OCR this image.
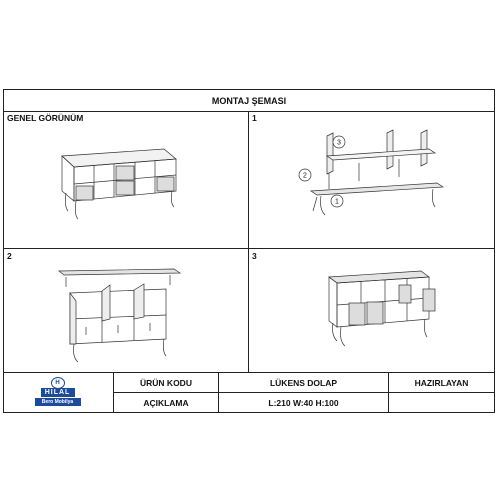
MONTAJ ŞEMASI
GENEL GÖRÜNÜM	1
3
2
1
2	3
H
HILAL
Bero Mobilya
ÜRÜN KODU	LÜKENS DOLAP	HAZIRLAYAN
AÇIKLAMA	L:210 W:40 H:100
